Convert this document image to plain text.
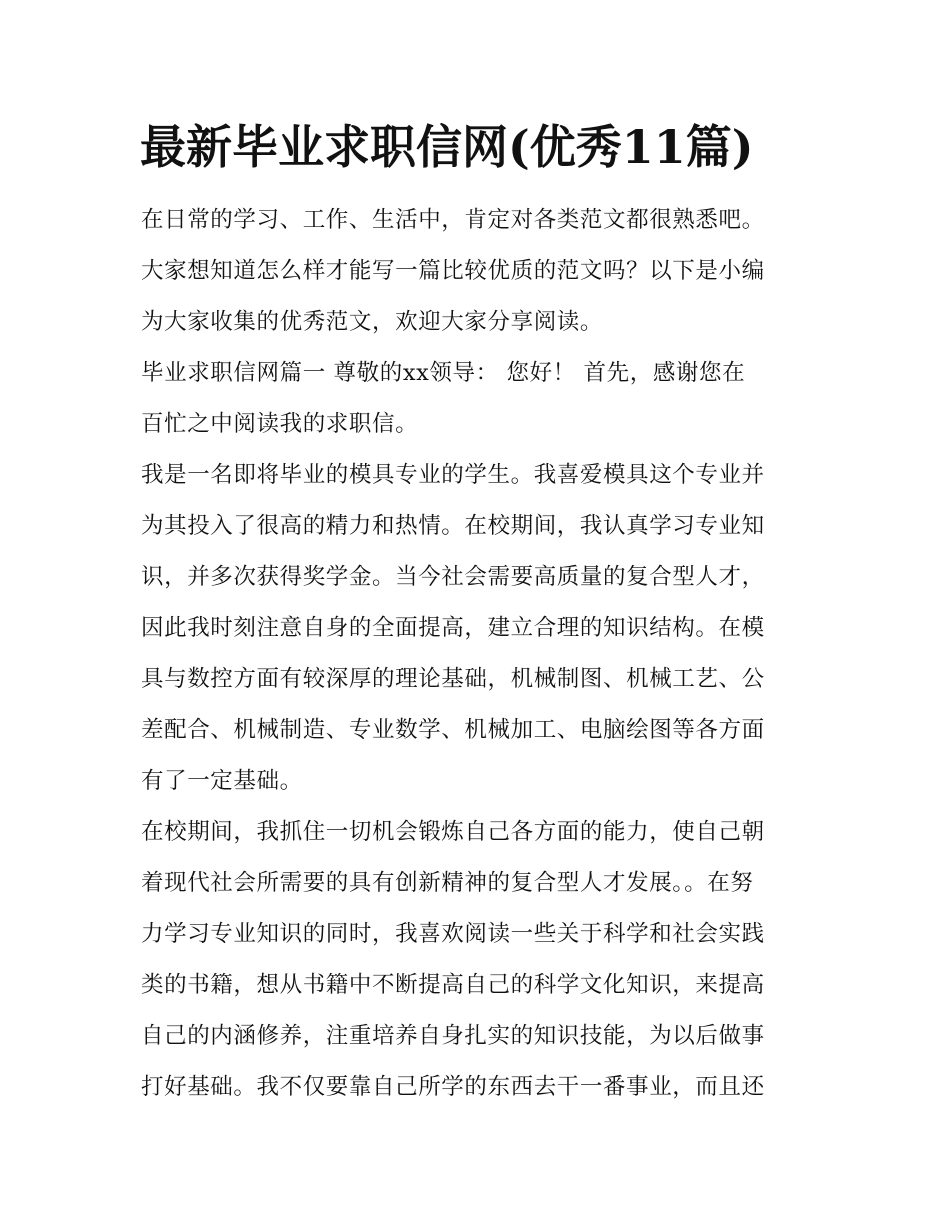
最新毕业求职信网(优秀11篇)

在日常的学习、工作、生活中，肯定对各类范文都很熟悉吧。

大家想知道怎么样才能写一篇比较优质的范文吗？以下是小编

为大家收集的优秀范文，欢迎大家分享阅读。

毕业求职信网篇一 尊敬的xx领导： 您好！ 首先，感谢您在

百忙之中阅读我的求职信。

我是一名即将毕业的模具专业的学生。我喜爱模具这个专业并

为其投入了很高的精力和热情。在校期间，我认真学习专业知

识，并多次获得奖学金。当今社会需要高质量的复合型人才，

因此我时刻注意自身的全面提高，建立合理的知识结构。在模

具与数控方面有较深厚的理论基础，机械制图、机械工艺、公

差配合、机械制造、专业数学、机械加工、电脑绘图等各方面

有了一定基础。

在校期间，我抓住一切机会锻炼自己各方面的能力，使自己朝

着现代社会所需要的具有创新精神的复合型人才发展。。在努

力学习专业知识的同时，我喜欢阅读一些关于科学和社会实践

类的书籍，想从书籍中不断提高自己的科学文化知识，来提高

自己的内涵修养，注重培养自身扎实的知识技能，为以后做事

打好基础。我不仅要靠自己所学的东西去干一番事业，而且还
